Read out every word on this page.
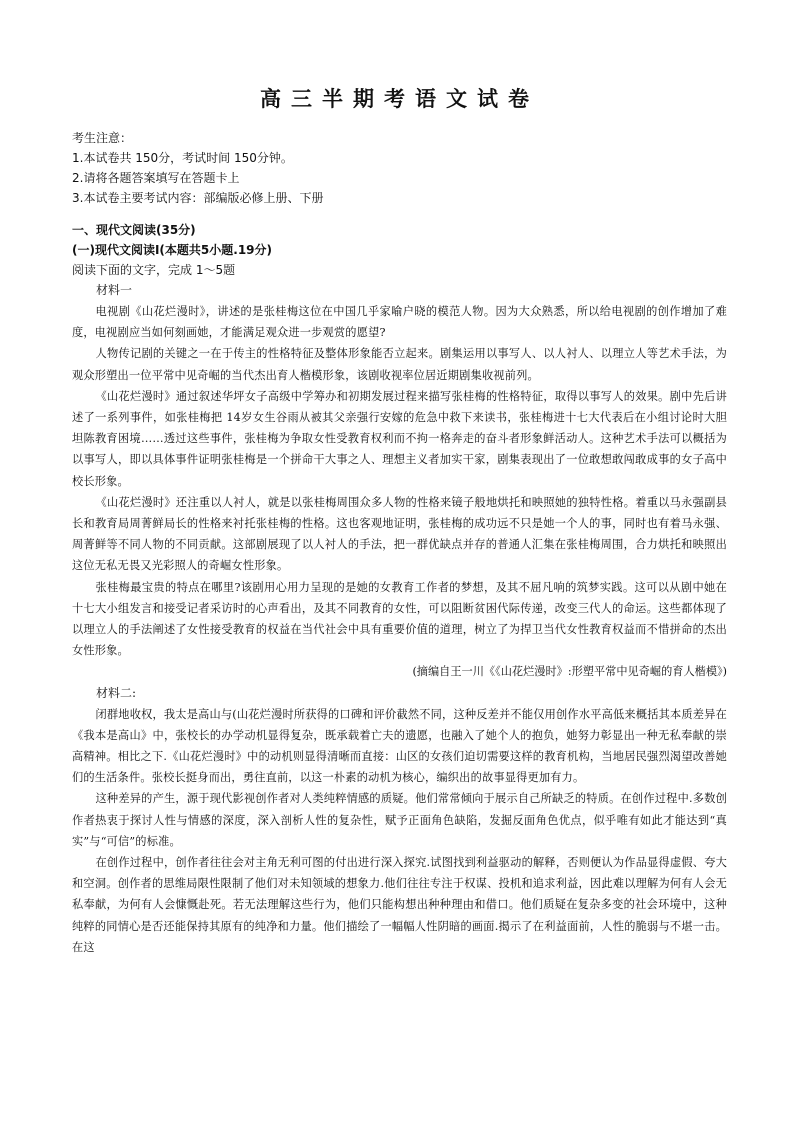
高三半期考语文试卷
考生注意：
1.本试卷共 150分，考试时间 150分钟。
2.请将各题答案填写在答题卡上
3.本试卷主要考试内容：部编版必修上册、下册
一、现代文阅读(35分)
(一)现代文阅读Ⅰ(本题共5小题.19分)
阅读下面的文字，完成 1～5题
材料一

电视剧《山花烂漫时》，讲述的是张桂梅这位在中国几乎家喻户晓的模范人物。因为大众熟悉，所以给电视剧的创作增加了难度，电视剧应当如何刻画她，才能满足观众进一步观赏的愿望?

人物传记剧的关键之一在于传主的性格特征及整体形象能否立起来。剧集运用以事写人、以人衬人、以理立人等艺术手法，为观众形塑出一位平常中见奇崛的当代杰出育人楷模形象，该剧收视率位居近期剧集收视前列。

《山花烂漫时》通过叙述华坪女子高级中学筹办和初期发展过程来描写张桂梅的性格特征，取得以事写人的效果。剧中先后讲述了一系列事件，如张桂梅把 14岁女生谷雨从被其父亲强行安嫁的危急中救下来读书，张桂梅进十七大代表后在小组讨论时大胆坦陈教育困境……透过这些事件，张桂梅为争取女性受教育权利而不拘一格奔走的奋斗者形象鲜活动人。这种艺术手法可以概括为以事写人，即以具体事件证明张桂梅是一个拼命干大事之人、理想主义者加实干家，剧集表现出了一位敢想敢闯敢成事的女子高中校长形象。

《山花烂漫时》还注重以人衬人，就是以张桂梅周围众多人物的性格来镜子般地烘托和映照她的独特性格。着重以马永强副县长和教育局周菁鲜局长的性格来衬托张桂梅的性格。这也客观地证明，张桂梅的成功远不只是她一个人的事，同时也有着马永强、周菁鲜等不同人物的不同贡献。这部剧展现了以人衬人的手法，把一群优缺点并存的普通人汇集在张桂梅周围，合力烘托和映照出这位无私无畏又光彩照人的奇崛女性形象。

张桂梅最宝贵的特点在哪里?该剧用心用力呈现的是她的女教育工作者的梦想，及其不屈凡响的筑梦实践。这可以从剧中她在十七大小组发言和接受记者采访时的心声看出，及其不同教育的女性，可以阻断贫困代际传递，改变三代人的命运。这些都体现了以理立人的手法阐述了女性接受教育的权益在当代社会中具有重要价值的道理，树立了为捍卫当代女性教育权益而不惜拼命的杰出女性形象。

(摘编自王一川《《山花烂漫时》:形塑平常中见奇崛的育人楷模》)
材料二:

闭群地收权，我太是高山与(山花烂漫时所获得的口碑和评价截然不同，这种反差并不能仅用创作水平高低来概括其本质差异在《我本是高山》中，张校长的办学动机显得复杂，既承载着亡夫的遗愿，也融入了她个人的抱负，她努力彰显出一种无私奉献的崇高精神。相比之下.《山花烂漫时》中的动机则显得清晰而直接：山区的女孩们迫切需要这样的教育机构，当地居民强烈渴望改善她们的生活条件。张校长挺身而出，勇往直前，以这一朴素的动机为核心，编织出的故事显得更加有力。

这种差异的产生，源于现代影视创作者对人类纯粹情感的质疑。他们常常倾向于展示自己所缺乏的特质。在创作过程中.多数创作者热衷于探讨人性与情感的深度，深入剖析人性的复杂性，赋予正面角色缺陷，发掘反面角色优点，似乎唯有如此才能达到“真实”与“可信”的标准。

在创作过程中，创作者往往会对主角无利可图的付出进行深入探究.试图找到利益驱动的解释，否则便认为作品显得虚假、夸大和空洞。创作者的思维局限性限制了他们对未知领域的想象力.他们往往专注于权谋、投机和追求利益，因此难以理解为何有人会无私奉献，为何有人会慷慨赴死。若无法理解这些行为，他们只能构想出种种理由和借口。他们质疑在复杂多变的社会环境中，这种纯粹的同情心是否还能保持其原有的纯净和力量。他们描绘了一幅幅人性阴暗的画面.揭示了在利益面前，人性的脆弱与不堪一击。在这
